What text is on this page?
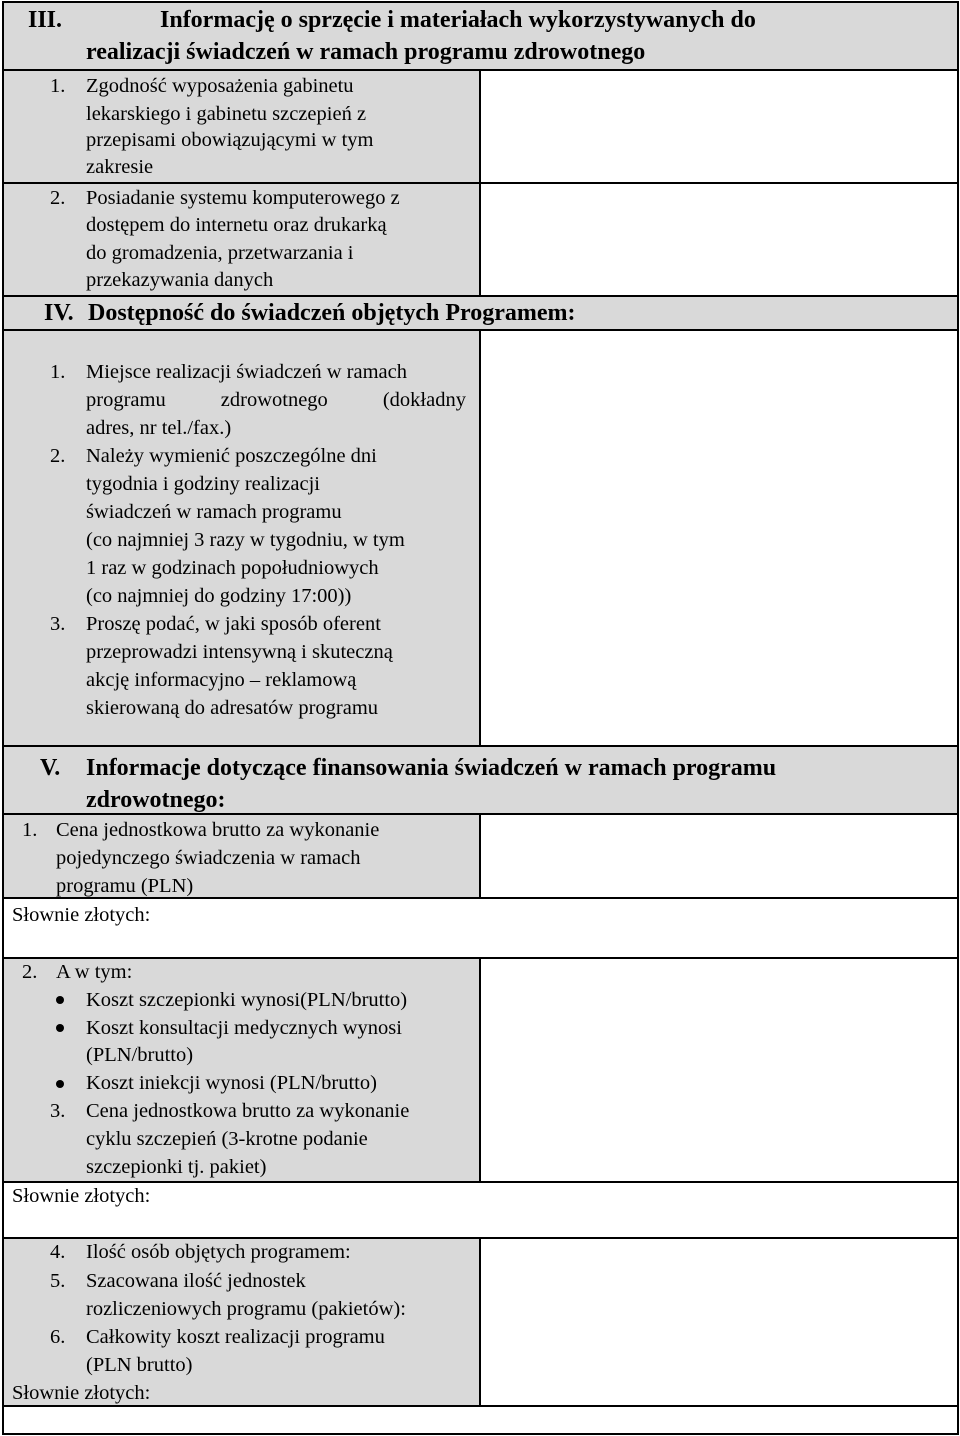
III.	Informację o sprzęcie i materiałach wykorzystywanych do
realizacji świadczeń w ramach programu zdrowotnego
1. Zgodność wyposażenia gabinetu
lekarskiego i gabinetu szczepień z
przepisami obowiązującymi w tym
zakresie
2. Posiadanie systemu komputerowego z
dostępem do internetu oraz drukarką
do gromadzenia, przetwarzania i
przekazywania danych
IV. Dostępność do świadczeń objętych Programem:
1. Miejsce realizacji świadczeń w ramach
programu	zdrowotnego	(dokładny
adres, nr tel./fax.)
2. Należy wymienić poszczególne dni
tygodnia i godziny realizacji
świadczeń w ramach programu
(co najmniej 3 razy w tygodniu, w tym
1 raz w godzinach popołudniowych
(co najmniej do godziny 17:00))
3. Proszę podać, w jaki sposób oferent
przeprowadzi intensywną i skuteczną
akcję informacyjno – reklamową
skierowaną do adresatów programu
V. Informacje dotyczące finansowania świadczeń w ramach programu
zdrowotnego:
1. Cena jednostkowa brutto za wykonanie
pojedynczego świadczenia w ramach
programu (PLN)
Słownie złotych:
2. A w tym:
Koszt szczepionki wynosi(PLN/brutto)
Koszt konsultacji medycznych wynosi
(PLN/brutto)
Koszt iniekcji wynosi (PLN/brutto)
3. Cena jednostkowa brutto za wykonanie
cyklu szczepień (3-krotne podanie
szczepionki tj. pakiet)
Słownie złotych:
4. Ilość osób objętych programem:
5. Szacowana ilość jednostek
rozliczeniowych programu (pakietów):
6. Całkowity koszt realizacji programu
(PLN brutto)
Słownie złotych:
